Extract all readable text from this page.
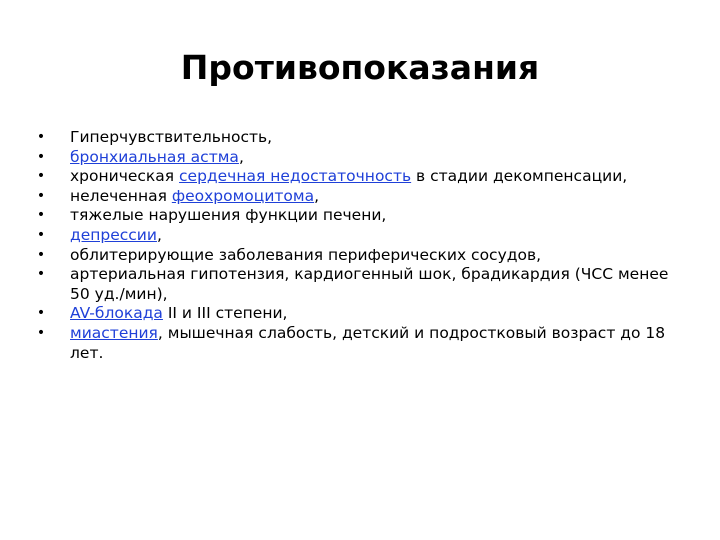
Противопоказания
• Гиперчувствительность,
• бронхиальная астма,
• хроническая сердечная недостаточность в стадии декомпенсации,
• нелеченная феохромоцитома,
• тяжелые нарушения функции печени,
• депрессии,
• облитерирующие заболевания периферических сосудов,
• артериальная гипотензия, кардиогенный шок, брадикардия (ЧСС менее 50 уд./мин),
• AV-блокада II и III степени,
• миастения, мышечная слабость, детский и подростковый возраст до 18 лет.
